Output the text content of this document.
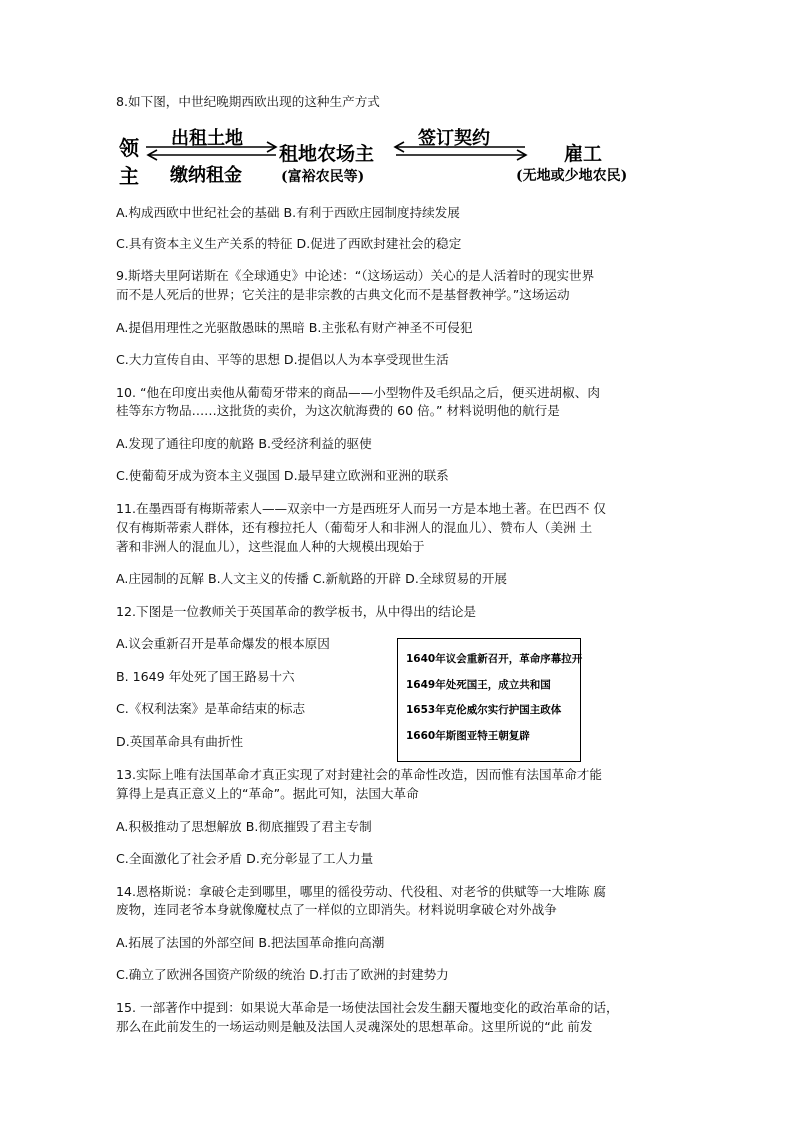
8.如下图，中世纪晚期西欧出现的这种生产方式
领
主
出租土地
缴纳租金
租地农场主
(富裕农民等)
签订契约
雇工
(无地或少地农民)
A.构成西欧中世纪社会的基础 B.有利于西欧庄园制度持续发展
C.具有资本主义生产关系的特征 D.促进了西欧封建社会的稳定
9.斯塔夫里阿诺斯在《全球通史》中论述：“（这场运动）关心的是人活着时的现实世界
而不是人死后的世界；它关注的是非宗教的古典文化而不是基督教神学。”这场运动
A.提倡用理性之光驱散愚昧的黑暗 B.主张私有财产神圣不可侵犯
C.大力宣传自由、平等的思想 D.提倡以人为本享受现世生活
10. “他在印度出卖他从葡萄牙带来的商品——小型物件及毛织品之后，便买进胡椒、肉
桂等东方物品……这批货的卖价，为这次航海费的 60 倍。” 材料说明他的航行是
A.发现了通往印度的航路 B.受经济利益的驱使
C.使葡萄牙成为资本主义强国 D.最早建立欧洲和亚洲的联系
11.在墨西哥有梅斯蒂索人——双亲中一方是西班牙人而另一方是本地土著。在巴西不 仅
仅有梅斯蒂索人群体，还有穆拉托人（葡萄牙人和非洲人的混血儿）、赞布人（美洲 土
著和非洲人的混血儿），这些混血人种的大规模出现始于
A.庄园制的瓦解 B.人文主义的传播 C.新航路的开辟 D.全球贸易的开展
12.下图是一位教师关于英国革命的教学板书，从中得出的结论是
A.议会重新召开是革命爆发的根本原因
B. 1649 年处死了国王路易十六
C.《权利法案》是革命结束的标志
D.英国革命具有曲折性
1640年议会重新召开，革命序幕拉开
1649年处死国王，成立共和国
1653年克伦威尔实行护国主政体
1660年斯图亚特王朝复辟
13.实际上唯有法国革命才真正实现了对封建社会的革命性改造，因而惟有法国革命才能
算得上是真正意义上的“革命”。据此可知，法国大革命
A.积极推动了思想解放 B.彻底摧毁了君主专制
C.全面激化了社会矛盾 D.充分彰显了工人力量
14.恩格斯说：拿破仑走到哪里，哪里的徭役劳动、代役租、对老爷的供赋等一大堆陈 腐
废物，连同老爷本身就像魔杖点了一样似的立即消失。材料说明拿破仑对外战争
A.拓展了法国的外部空间 B.把法国革命推向高潮
C.确立了欧洲各国资产阶级的统治 D.打击了欧洲的封建势力
15. 一部著作中提到：如果说大革命是一场使法国社会发生翻天覆地变化的政治革命的话，
那么在此前发生的一场运动则是触及法国人灵魂深处的思想革命。这里所说的“此 前发
